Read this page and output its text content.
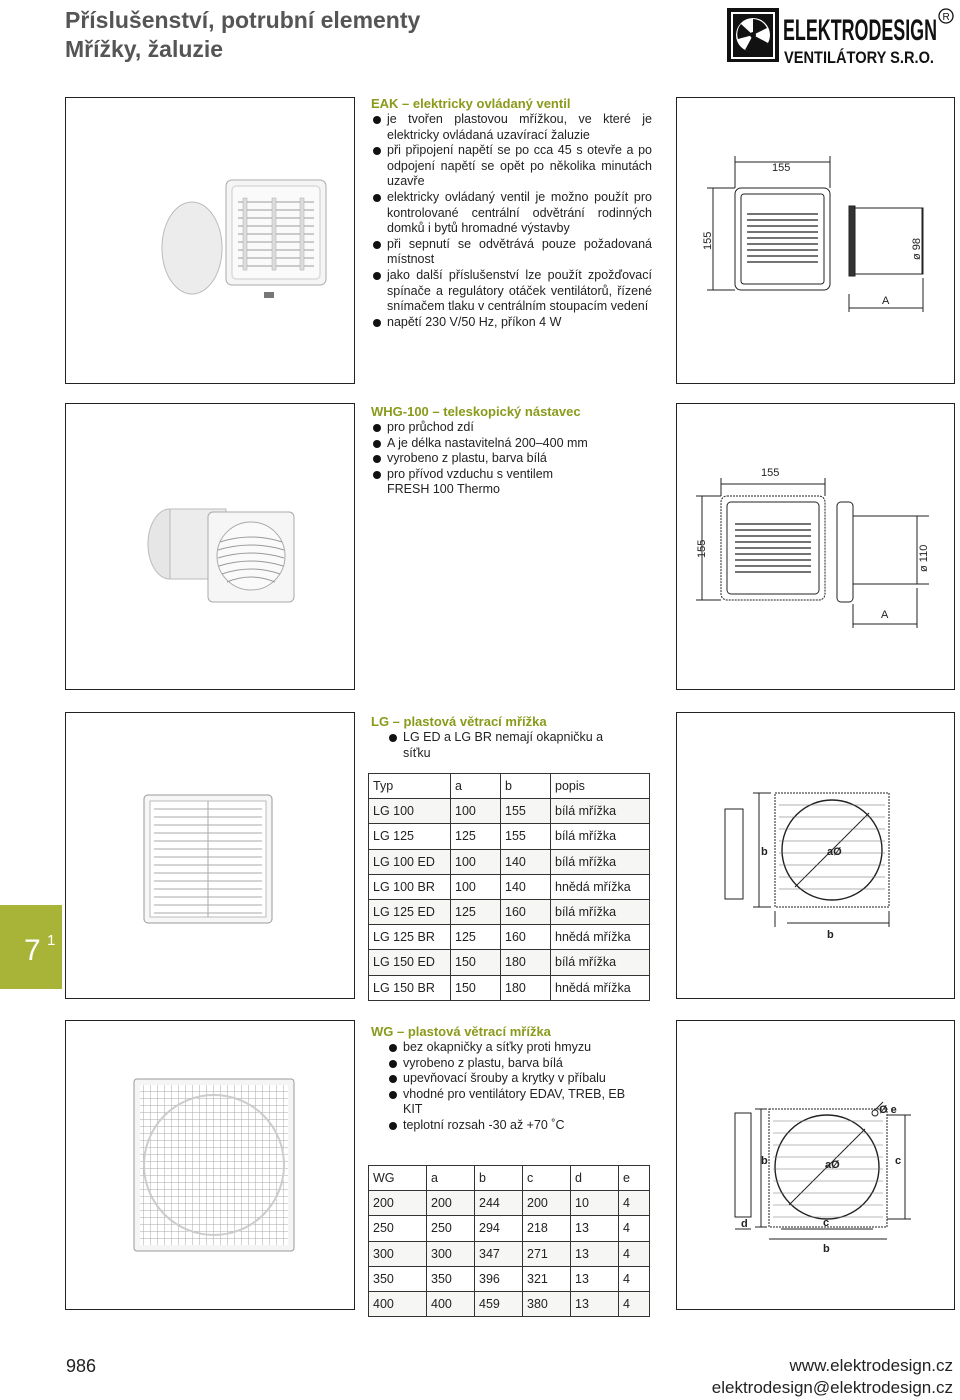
Příslušenství, potrubní elementy
Mřížky, žaluzie
ELEKTRODESIGN
VENTILÁTORY S.R.O.
R
EAK – elektricky ovládaný ventil
je tvořen plastovou mřížkou, ve které je elektricky ovládaná uzavírací žaluzie
při připojení napětí se po cca 45 s otevře a po odpojení napětí se opět po několika minutách uzavře
elektricky ovládaný ventil je možno použít pro kontrolované centrální odvětrání rodinných domků i bytů hromadné výstavby
při sepnutí se odvětrává pouze požadovaná místnost
jako další příslušenství lze použít zpožďovací spínače a regulátory otáček ventilátorů, řízené snímačem tlaku v centrálním stoupacím vedení
napětí 230 V/50 Hz, příkon 4 W
155
155	ø 98
A
WHG-100 – teleskopický nástavec
pro průchod zdí
A je délka nastavitelná 200–400 mm
vyrobeno z plastu, barva bílá
pro přívod vzduchu s ventilem FRESH 100 Thermo
155
155	ø 110
A
LG – plastová větrací mřížka
LG ED a LG BR nemají okapničku a síťku
Typ	a	b	popis
LG 100	100	155	bílá mřížka
LG 125	125	155	bílá mřížka
LG 100 ED	100	140	bílá mřížka
LG 100 BR	100	140	hnědá mřížka
LG 125 ED	125	160	bílá mřížka
LG 125 BR	125	160	hnědá mřížka
LG 150 ED	150	180	bílá mřížka
LG 150 BR	150	180	hnědá mřížka
b	aØ
b
7 1
WG – plastová větrací mřížka
bez okapničky a síťky proti hmyzu
vyrobeno z plastu, barva bílá
upevňovací šrouby a krytky v příbalu
vhodné pro ventilátory EDAV, TREB, EB KIT
teplotní rozsah -30 až +70 ˚C
WG	a	b	c	d	e
200	200	244	200	10	4
250	250	294	218	13	4
300	300	347	271	13	4
350	350	396	321	13	4
400	400	459	380	13	4
Ø e
b	c
aØ
d	c
b
986	www.elektrodesign.cz
elektrodesign@elektrodesign.cz
